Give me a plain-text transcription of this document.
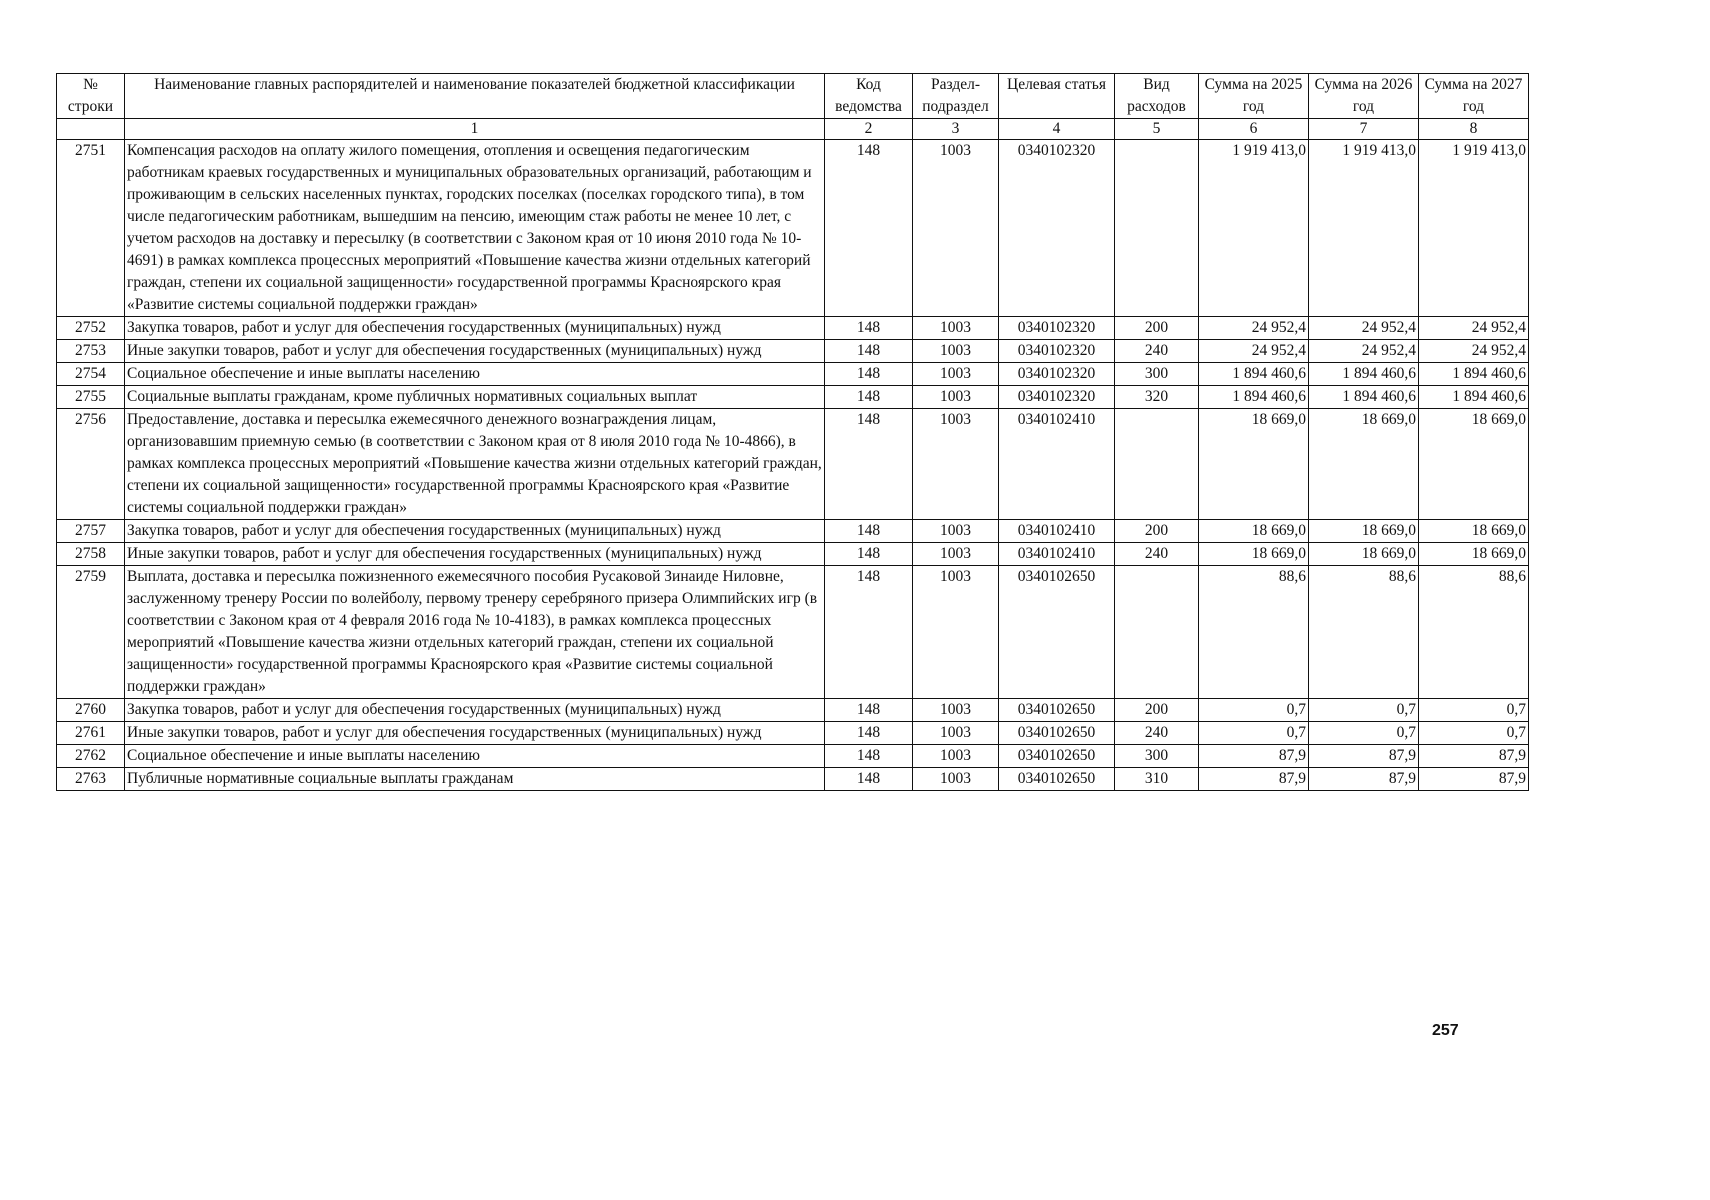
№ строки	Наименование главных распорядителей и наименование показателей бюджетной классификации	Код ведомства	Раздел-подраздел	Целевая статья	Вид расходов	Сумма на 2025 год	Сумма на 2026 год	Сумма на 2027 год
	1	2	3	4	5	6	7	8
2751	Компенсация расходов на оплату жилого помещения, отопления и освещения педагогическим работникам краевых государственных и муниципальных образовательных организаций, работающим и проживающим в сельских населенных пунктах, городских поселках (поселках городского типа), в том числе педагогическим работникам, вышедшим на пенсию, имеющим стаж работы не менее 10 лет, с учетом расходов на доставку и пересылку (в соответствии с Законом края от 10 июня 2010 года № 10-4691) в рамках комплекса процессных мероприятий «Повышение качества жизни отдельных категорий граждан, степени их социальной защищенности» государственной программы Красноярского края «Развитие системы социальной поддержки граждан»	148	1003	0340102320		1 919 413,0	1 919 413,0	1 919 413,0
2752	Закупка товаров, работ и услуг для обеспечения государственных (муниципальных) нужд	148	1003	0340102320	200	24 952,4	24 952,4	24 952,4
2753	Иные закупки товаров, работ и услуг для обеспечения государственных (муниципальных) нужд	148	1003	0340102320	240	24 952,4	24 952,4	24 952,4
2754	Социальное обеспечение и иные выплаты населению	148	1003	0340102320	300	1 894 460,6	1 894 460,6	1 894 460,6
2755	Социальные выплаты гражданам, кроме публичных нормативных социальных выплат	148	1003	0340102320	320	1 894 460,6	1 894 460,6	1 894 460,6
2756	Предоставление, доставка и пересылка ежемесячного денежного вознаграждения лицам, организовавшим приемную семью (в соответствии с Законом края от 8 июля 2010 года № 10-4866), в рамках комплекса процессных мероприятий «Повышение качества жизни отдельных категорий граждан, степени их социальной защищенности» государственной программы Красноярского края «Развитие системы социальной поддержки граждан»	148	1003	0340102410		18 669,0	18 669,0	18 669,0
2757	Закупка товаров, работ и услуг для обеспечения государственных (муниципальных) нужд	148	1003	0340102410	200	18 669,0	18 669,0	18 669,0
2758	Иные закупки товаров, работ и услуг для обеспечения государственных (муниципальных) нужд	148	1003	0340102410	240	18 669,0	18 669,0	18 669,0
2759	Выплата, доставка и пересылка пожизненного ежемесячного пособия Русаковой Зинаиде Ниловне, заслуженному тренеру России по волейболу, первому тренеру серебряного призера Олимпийских игр (в соответствии с Законом края от 4 февраля 2016 года № 10-4183), в рамках комплекса процессных мероприятий «Повышение качества жизни отдельных категорий граждан, степени их социальной защищенности» государственной программы Красноярского края «Развитие системы социальной поддержки граждан»	148	1003	0340102650		88,6	88,6	88,6
2760	Закупка товаров, работ и услуг для обеспечения государственных (муниципальных) нужд	148	1003	0340102650	200	0,7	0,7	0,7
2761	Иные закупки товаров, работ и услуг для обеспечения государственных (муниципальных) нужд	148	1003	0340102650	240	0,7	0,7	0,7
2762	Социальное обеспечение и иные выплаты населению	148	1003	0340102650	300	87,9	87,9	87,9
2763	Публичные нормативные социальные выплаты гражданам	148	1003	0340102650	310	87,9	87,9	87,9
257
